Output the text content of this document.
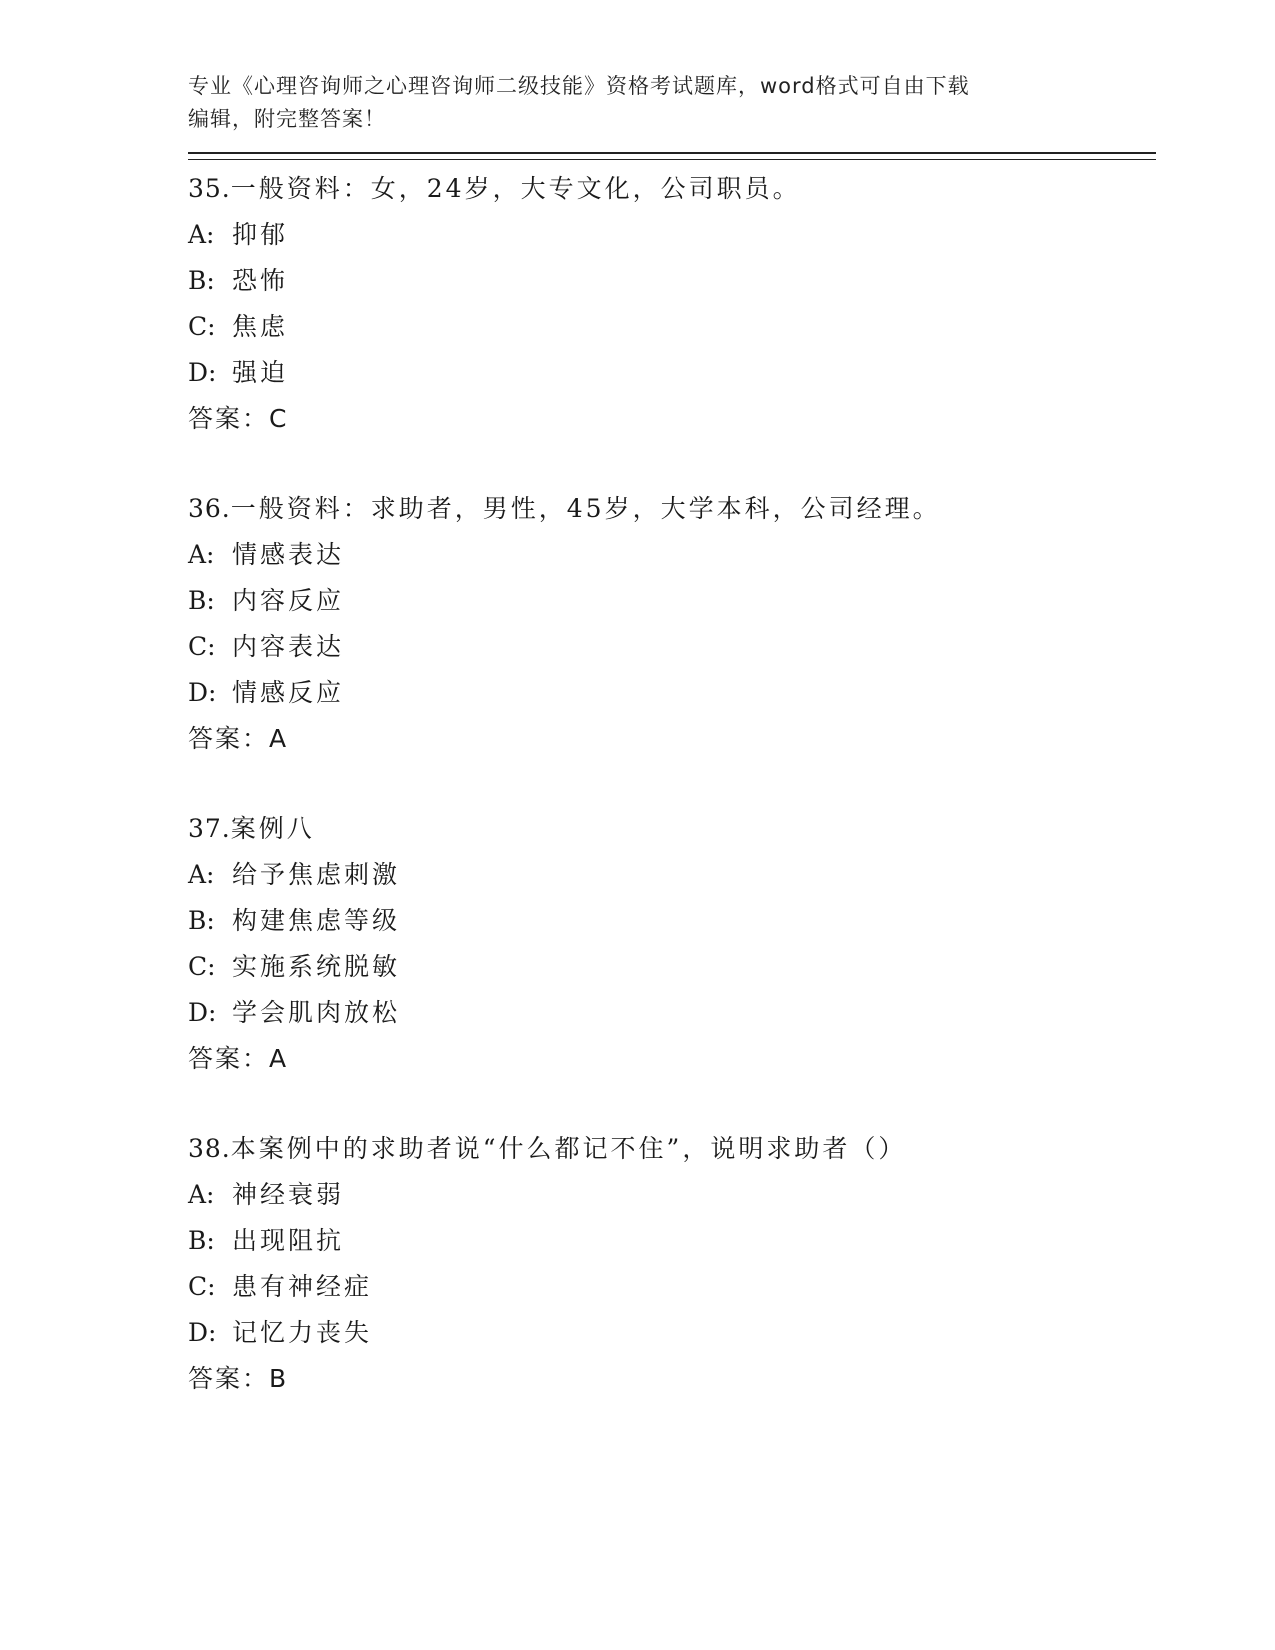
专业《心理咨询师之心理咨询师二级技能》资格考试题库，word格式可自由下载
编辑，附完整答案！
35. 一般资料：女，24岁，大专文化，公司职员。
A: 抑郁
B: 恐怖
C: 焦虑
D: 强迫
答案：C
36. 一般资料：求助者，男性，45岁，大学本科，公司经理。
A: 情感表达
B: 内容反应
C: 内容表达
D: 情感反应
答案：A
37. 案例八
A: 给予焦虑刺激
B: 构建焦虑等级
C: 实施系统脱敏
D: 学会肌肉放松
答案：A
38. 本案例中的求助者说“什么都记不住”，说明求助者（）
A: 神经衰弱
B: 出现阻抗
C: 患有神经症
D: 记忆力丧失
答案：B
